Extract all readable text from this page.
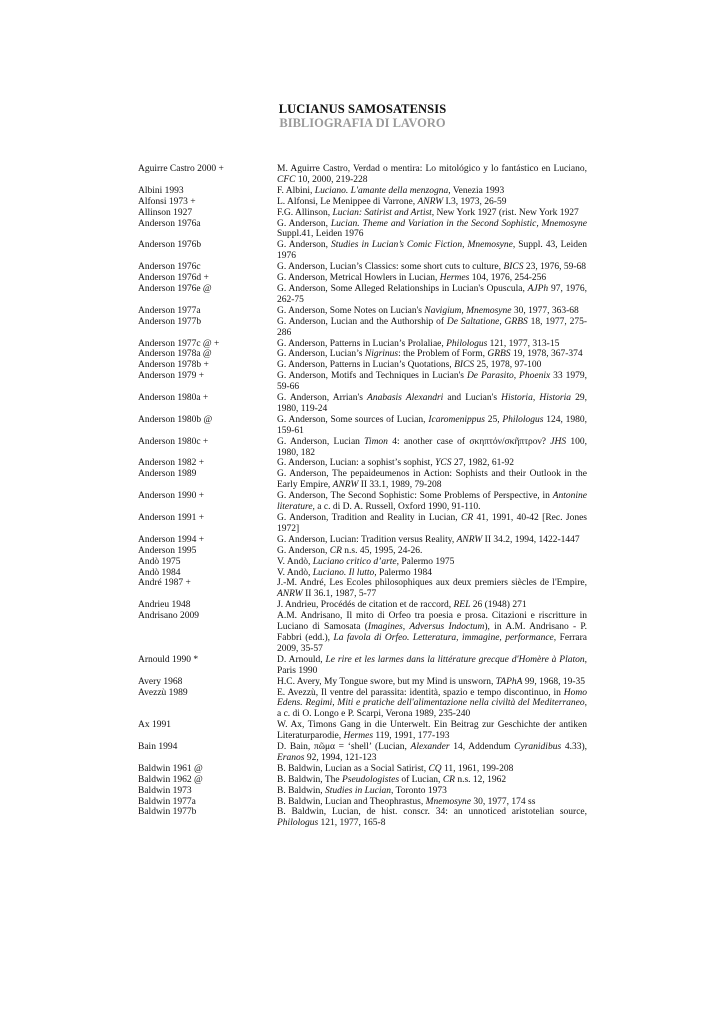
LUCIANUS SAMOSATENSIS

BIBLIOGRAFIA DI LAVORO

Aguirre Castro 2000 +	M. Aguirre Castro, Verdad o mentira: Lo mitológico y lo fantástico en Luciano, CFC 10, 2000, 219-228
Albini 1993	F. Albini, Luciano. L'amante della menzogna, Venezia 1993
Alfonsi 1973 +	L. Alfonsi, Le Menippee di Varrone, ANRW I.3, 1973, 26-59
Allinson 1927	F.G. Allinson, Lucian: Satirist and Artist, New York 1927 (rist. New York 1927
Anderson 1976a	G. Anderson, Lucian. Theme and Variation in the Second Sophistic, Mnemosyne Suppl.41, Leiden 1976
Anderson 1976b	G. Anderson, Studies in Lucian’s Comic Fiction, Mnemosyne, Suppl. 43, Leiden 1976
Anderson 1976c	G. Anderson, Lucian’s Classics: some short cuts to culture, BICS 23, 1976, 59-68
Anderson 1976d +	G. Anderson, Metrical Howlers in Lucian, Hermes 104, 1976, 254-256
Anderson 1976e @	G. Anderson, Some Alleged Relationships in Lucian's Opuscula, AJPh 97, 1976, 262-75
Anderson 1977a	G. Anderson, Some Notes on Lucian's Navigium, Mnemosyne 30, 1977, 363-68
Anderson 1977b	G. Anderson, Lucian and the Authorship of De Saltatione, GRBS 18, 1977, 275-286
Anderson 1977c @ +	G. Anderson, Patterns in Lucian’s Prolaliae, Philologus 121, 1977, 313-15
Anderson 1978a @	G. Anderson, Lucian’s Nigrinus: the Problem of Form, GRBS 19, 1978, 367-374
Anderson 1978b +	G. Anderson, Patterns in Lucian’s Quotations, BICS 25, 1978, 97-100
Anderson 1979 +	G. Anderson, Motifs and Techniques in Lucian's De Parasito, Phoenix 33 1979, 59-66
Anderson 1980a +	G. Anderson, Arrian's Anabasis Alexandri and Lucian's Historia, Historia 29, 1980, 119-24
Anderson 1980b @	G. Anderson, Some sources of Lucian, Icaromenippus 25, Philologus 124, 1980, 159-61
Anderson 1980c +	G. Anderson, Lucian Timon 4: another case of σκηπτόν/σκῆπτρον? JHS 100, 1980, 182
Anderson 1982 +	G. Anderson, Lucian: a sophist’s sophist, YCS 27, 1982, 61-92
Anderson 1989	G. Anderson, The pepaideumenos in Action: Sophists and their Outlook in the Early Empire, ANRW II 33.1, 1989, 79-208
Anderson 1990 +	G. Anderson, The Second Sophistic: Some Problems of Perspective, in Antonine literature, a c. di D. A. Russell, Oxford 1990, 91-110.
Anderson 1991 +	G. Anderson, Tradition and Reality in Lucian, CR 41, 1991, 40-42 [Rec. Jones 1972]
Anderson 1994 +	G. Anderson, Lucian: Tradition versus Reality, ANRW II 34.2, 1994, 1422-1447
Anderson 1995	G. Anderson, CR n.s. 45, 1995, 24-26.
Andò 1975	V. Andò, Luciano critico d’arte, Palermo 1975
Andò 1984	V. Andò, Luciano. Il lutto, Palermo 1984
André 1987 +	J.-M. André, Les Ecoles philosophiques aux deux premiers siècles de l'Empire, ANRW II 36.1, 1987, 5-77
Andrieu 1948	J. Andrieu, Procédés de citation et de raccord, REL 26 (1948) 271
Andrisano 2009	A.M. Andrisano, Il mito di Orfeo tra poesia e prosa. Citazioni e riscritture in Luciano di Samosata (Imagines, Adversus Indoctum), in A.M. Andrisano - P. Fabbri (edd.), La favola di Orfeo. Letteratura, immagine, performance, Ferrara 2009, 35-57
Arnould 1990 *	D. Arnould, Le rire et les larmes dans la littérature grecque d'Homère à Platon, Paris 1990
Avery 1968	H.C. Avery, My Tongue swore, but my Mind is unsworn, TAPhA 99, 1968, 19-35
Avezzù 1989	E. Avezzù, Il ventre del parassita: identità, spazio e tempo discontinuo, in Homo Edens. Regimi, Miti e pratiche dell'alimentazione nella civiltà del Mediterraneo, a c. di O. Longo e P. Scarpi, Verona 1989, 235-240
Ax 1991	W. Ax, Timons Gang in die Unterwelt. Ein Beitrag zur Geschichte der antiken Literaturparodie, Hermes 119, 1991, 177-193
Bain 1994	D. Bain, πῶμα = ‘shell’ (Lucian, Alexander 14, Addendum Cyranidibus 4.33), Eranos 92, 1994, 121-123
Baldwin 1961 @	B. Baldwin, Lucian as a Social Satirist, CQ 11, 1961, 199-208
Baldwin 1962 @	B. Baldwin, The Pseudologistes of Lucian, CR n.s. 12, 1962
Baldwin 1973	B. Baldwin, Studies in Lucian, Toronto 1973
Baldwin 1977a	B. Baldwin, Lucian and Theophrastus, Mnemosyne 30, 1977, 174 ss
Baldwin 1977b	B. Baldwin, Lucian, de hist. conscr. 34: an unnoticed aristotelian source, Philologus 121, 1977, 165-8
